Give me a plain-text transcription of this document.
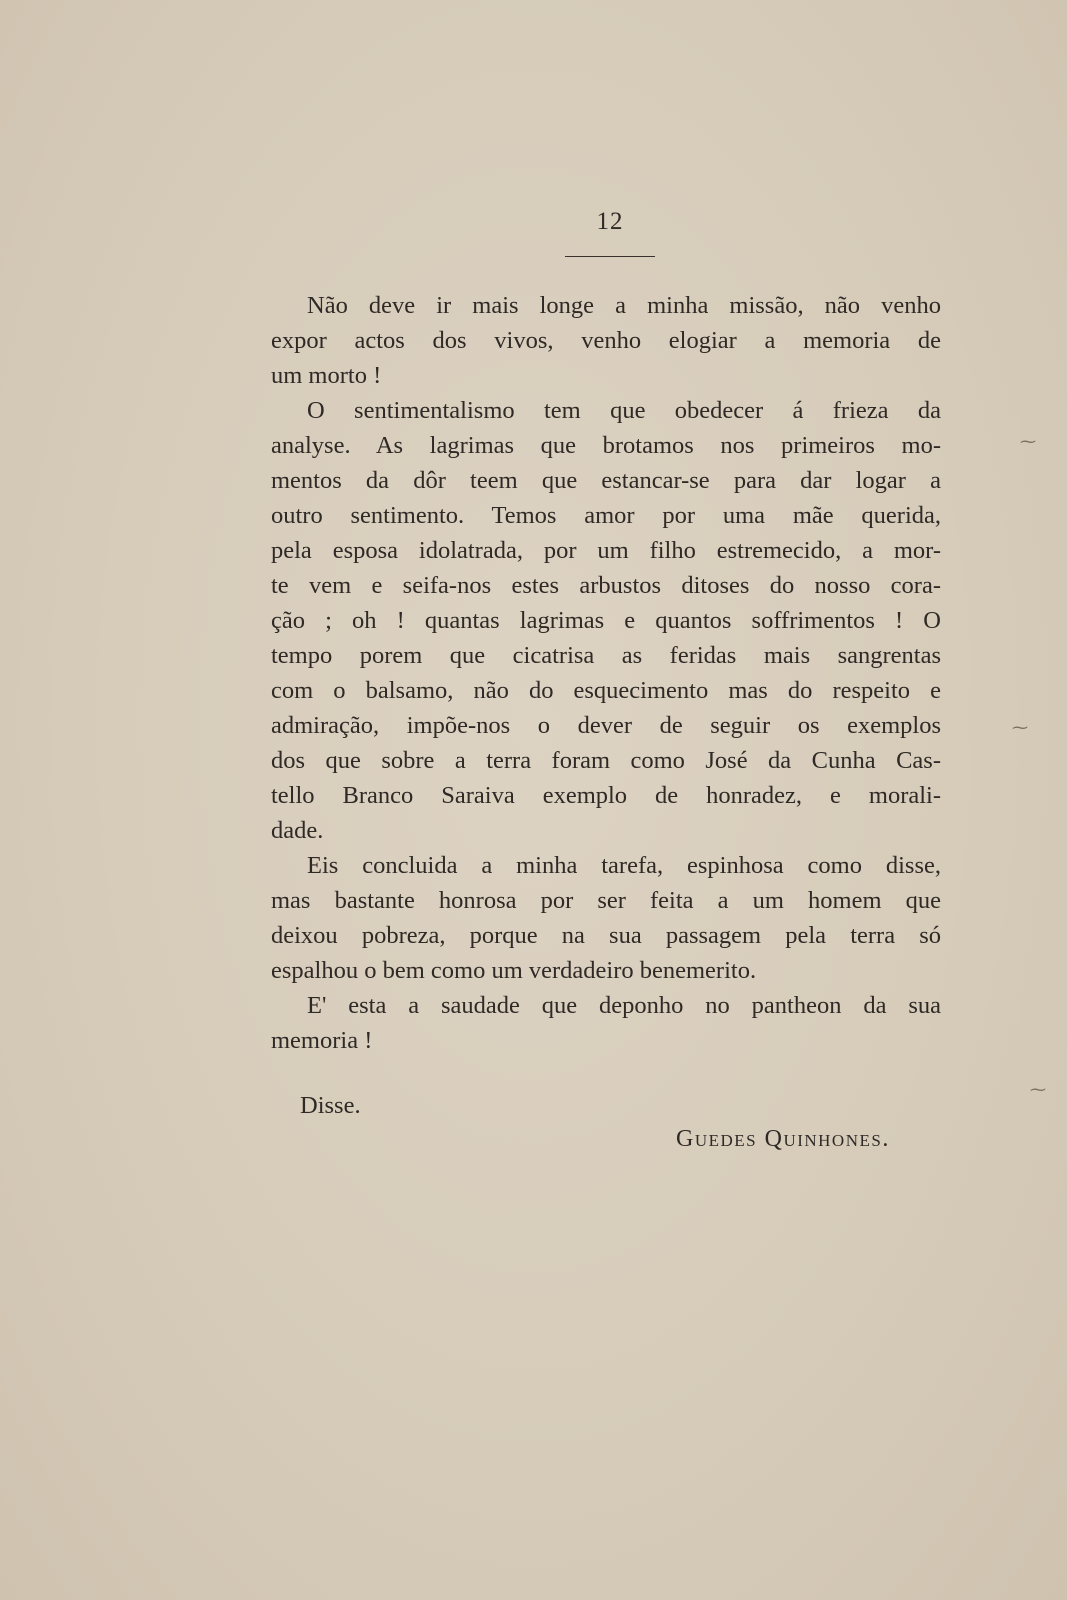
12
Não deve ir mais longe a minha missão, não venho
expor actos dos vivos, venho elogiar a memoria de
um morto !
O sentimentalismo tem que obedecer á frieza da
analyse. As lagrimas que brotamos nos primeiros mo-
mentos da dôr teem que estancar-se para dar logar a
outro sentimento. Temos amor por uma mãe querida,
pela esposa idolatrada, por um filho estremecido, a mor-
te vem e seifa-nos estes arbustos ditoses do nosso cora-
ção ; oh ! quantas lagrimas e quantos soffrimentos ! O
tempo porem que cicatrisa as feridas mais sangrentas
com o balsamo, não do esquecimento mas do respeito e
admiração, impõe-nos o dever de seguir os exemplos
dos que sobre a terra foram como José da Cunha Cas-
tello Branco Saraiva exemplo de honradez, e morali-
dade.
Eis concluida a minha tarefa, espinhosa como disse,
mas bastante honrosa por ser feita a um homem que
deixou pobreza, porque na sua passagem pela terra só
espalhou o bem como um verdadeiro benemerito.
E' esta a saudade que deponho no pantheon da sua
memoria !
Disse.
Guedes Quinhones.
⁓
⁓
⁓
